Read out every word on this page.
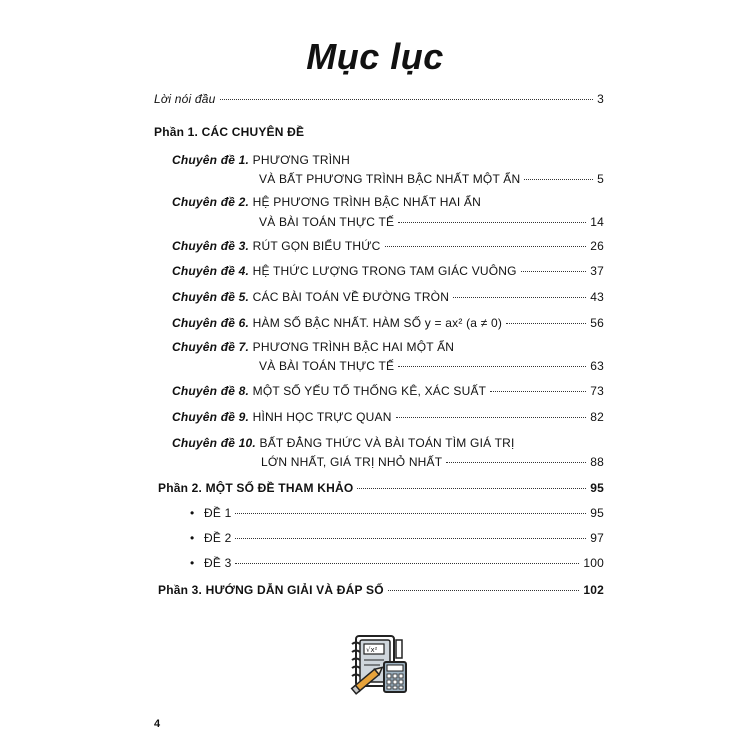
Mục lục
Lời nói đầu	3
Phần 1. CÁC CHUYÊN ĐỀ
Chuyên đề 1. PHƯƠNG TRÌNH
VÀ BẤT PHƯƠNG TRÌNH BẬC NHẤT MỘT ẨN	5
Chuyên đề 2. HỆ PHƯƠNG TRÌNH BẬC NHẤT HAI ẨN
VÀ BÀI TOÁN THỰC TẾ	14
Chuyên đề 3.
RÚT GỌN BIỂU THỨC	26
Chuyên đề 4.
HỆ THỨC LƯỢNG TRONG TAM GIÁC VUÔNG	37
Chuyên đề 5.
CÁC BÀI TOÁN VỀ ĐƯỜNG TRÒN	43
Chuyên đề 6.
HÀM SỐ BẬC NHẤT. HÀM SỐ y = ax² (a ≠ 0)	56
Chuyên đề 7. PHƯƠNG TRÌNH BẬC HAI MỘT ẨN
VÀ BÀI TOÁN THỰC TẾ	63
Chuyên đề 8.
MỘT SỐ YẾU TỐ THỐNG KÊ, XÁC SUẤT	73
Chuyên đề 9.
HÌNH HỌC TRỰC QUAN	82
Chuyên đề 10. BẤT ĐẲNG THỨC VÀ BÀI TOÁN TÌM GIÁ TRỊ
LỚN NHẤT, GIÁ TRỊ NHỎ NHẤT	88
Phần 2. MỘT SỐ ĐỀ THAM KHẢO	95
• ĐỀ 1	95
• ĐỀ 2	97
• ĐỀ 3	100
Phần 3. HƯỚNG DẪN GIẢI VÀ ĐÁP SỐ	102
√x²
4
